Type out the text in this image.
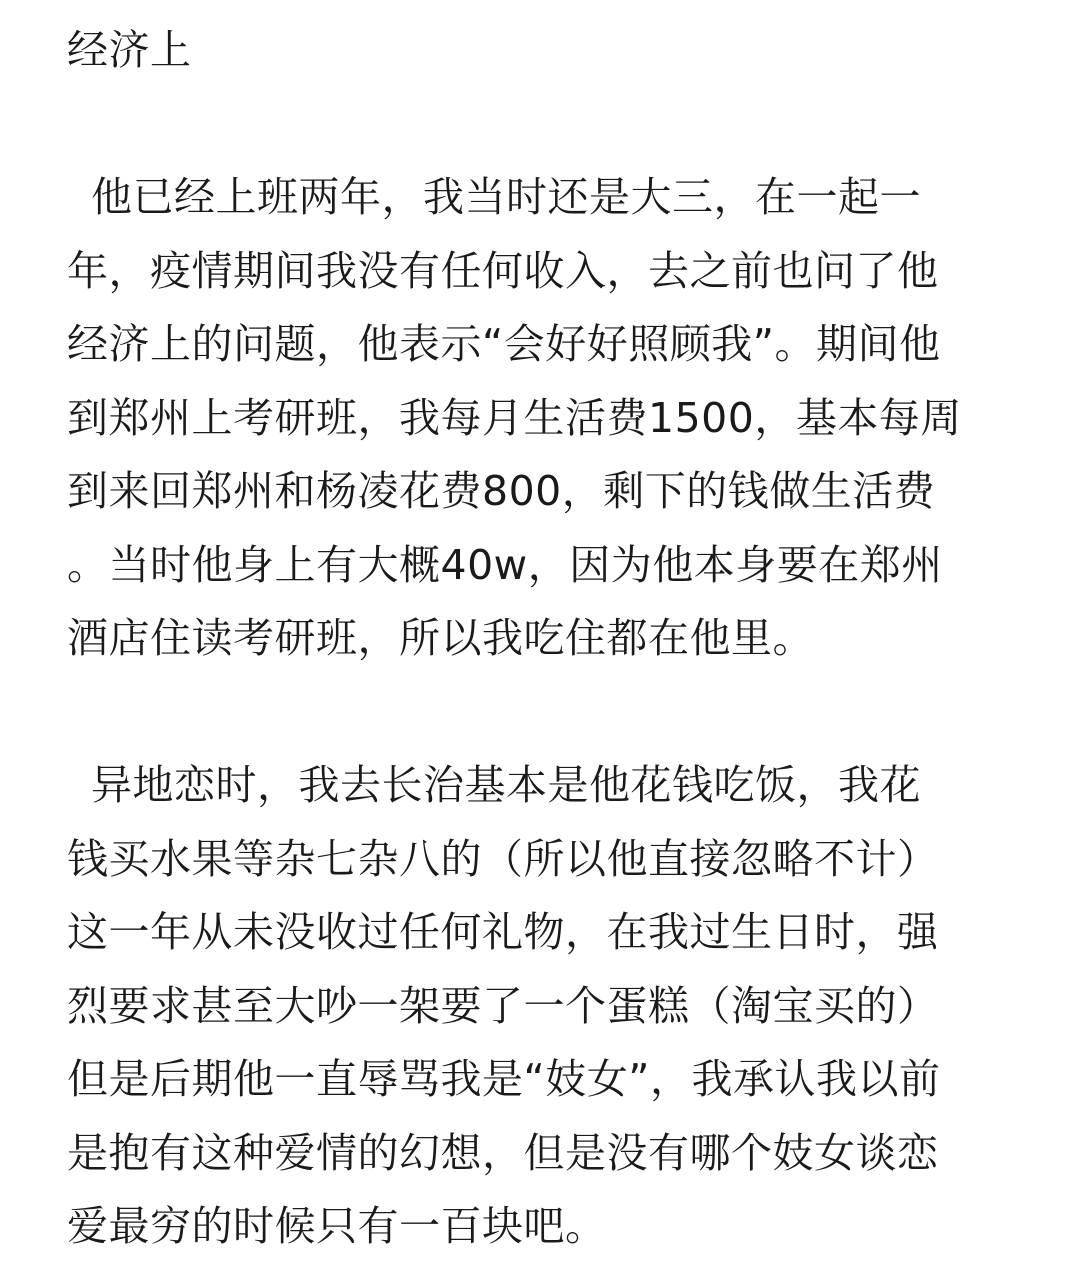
经济上
他已经上班两年，我当时还是大三，在一起一
年，疫情期间我没有任何收入，去之前也问了他
经济上的问题，他表示“会好好照顾我”。期间他
到郑州上考研班，我每月生活费1500，基本每周
到来回郑州和杨凌花费800，剩下的钱做生活费
。当时他身上有大概40w，因为他本身要在郑州
酒店住读考研班，所以我吃住都在他里。
异地恋时，我去长治基本是他花钱吃饭，我花
钱买水果等杂七杂八的（所以他直接忽略不计）
这一年从未没收过任何礼物，在我过生日时，强
烈要求甚至大吵一架要了一个蛋糕（淘宝买的）
但是后期他一直辱骂我是“妓女”，我承认我以前
是抱有这种爱情的幻想，但是没有哪个妓女谈恋
爱最穷的时候只有一百块吧。
